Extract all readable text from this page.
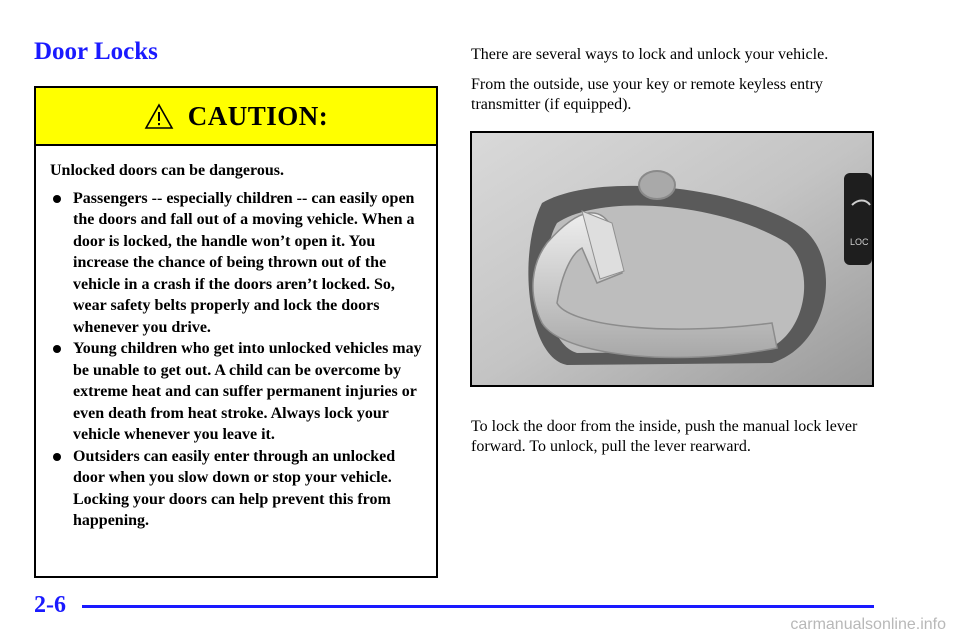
Door Locks
CAUTION:

Unlocked doors can be dangerous.

Passengers -- especially children -- can easily open the doors and fall out of a moving vehicle. When a door is locked, the handle won’t open it. You increase the chance of being thrown out of the vehicle in a crash if the doors aren’t locked. So, wear safety belts properly and lock the doors whenever you drive.
Young children who get into unlocked vehicles may be unable to get out. A child can be overcome by extreme heat and can suffer permanent injuries or even death from heat stroke. Always lock your vehicle whenever you leave it.
Outsiders can easily enter through an unlocked door when you slow down or stop your vehicle. Locking your doors can help prevent this from happening.

There are several ways to lock and unlock your vehicle.

From the outside, use your key or remote keyless entry transmitter (if equipped).

LOC

To lock the door from the inside, push the manual lock lever forward. To unlock, pull the lever rearward.

2-6
carmanualsonline.info
